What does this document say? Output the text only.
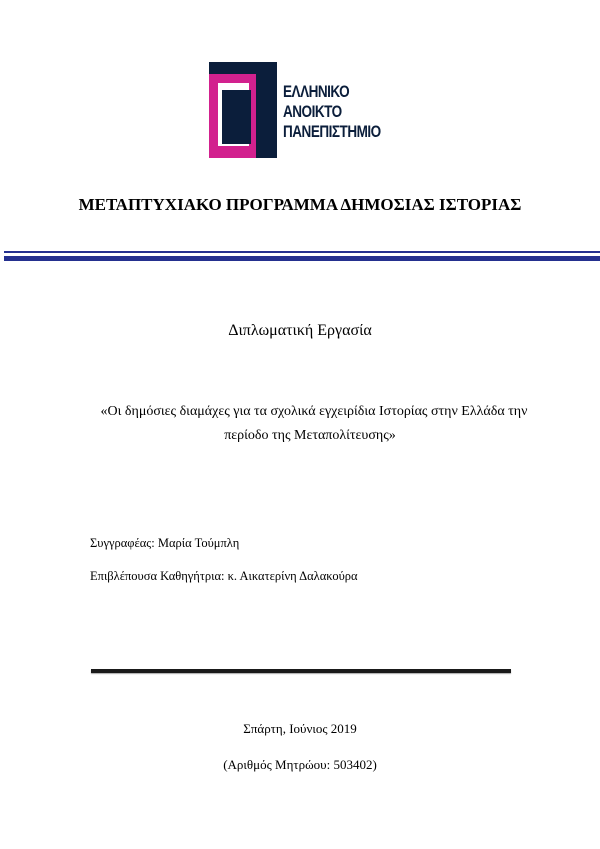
ΕΛΛΗΝΙΚΟ
ΑΝΟΙΚΤΟ
ΠΑΝΕΠΙΣΤΗΜΙΟ
ΜΕΤΑΠΤΥΧΙΑΚΟ ΠΡΟΓΡΑΜΜΑ ΔΗΜΟΣΙΑΣ ΙΣΤΟΡΙΑΣ
Διπλωματική Εργασία
«Οι δημόσιες διαμάχες για τα σχολικά εγχειρίδια Ιστορίας στην Ελλάδα την περίοδο της Μεταπολίτευσης»
Συγγραφέας: Μαρία Τούμπλη
Επιβλέπουσα Καθηγήτρια: κ. Αικατερίνη Δαλακούρα
Σπάρτη, Ιούνιος 2019
(Αριθμός Μητρώου: 503402)
